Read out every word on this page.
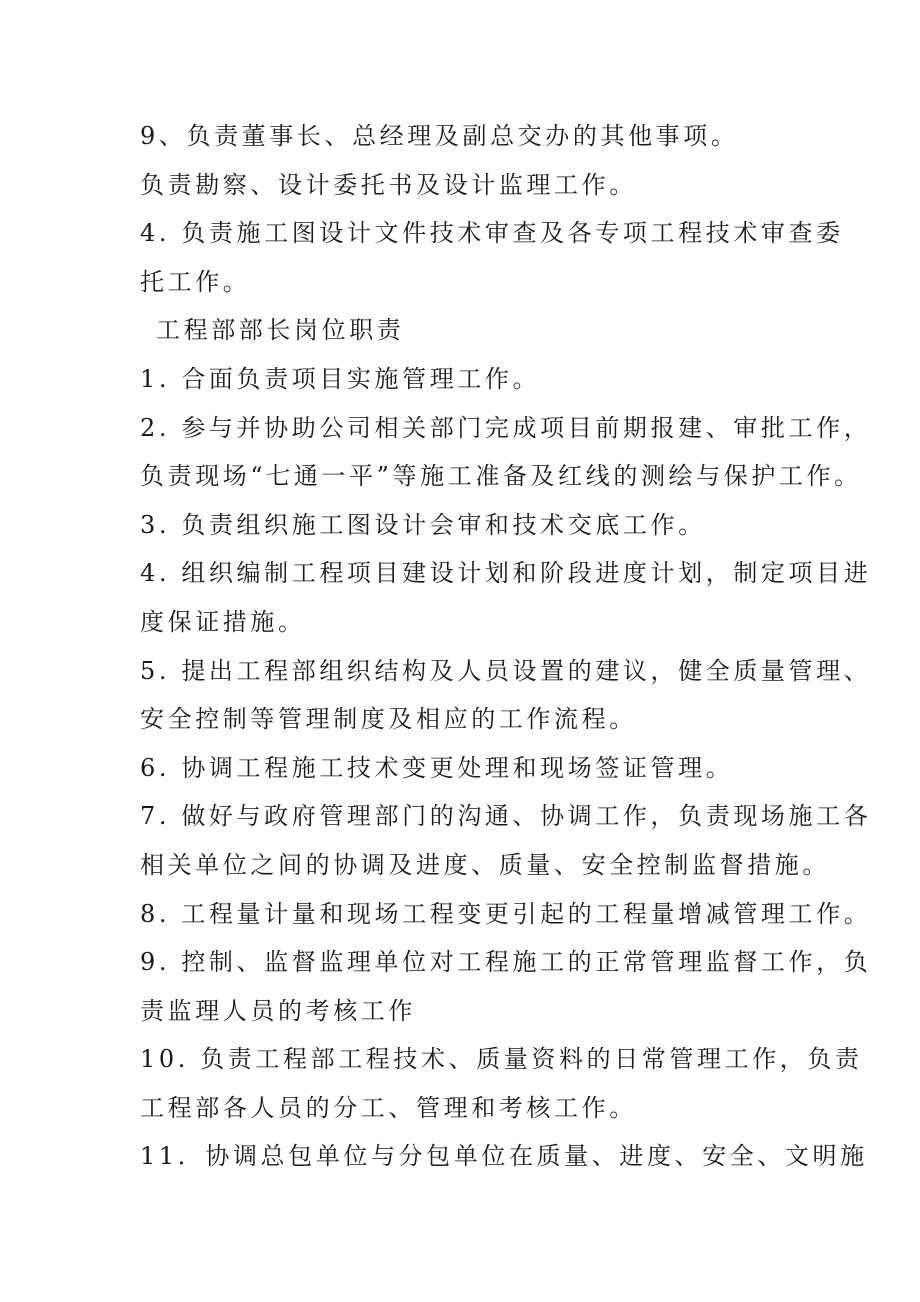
9、负责董事长、总经理及副总交办的其他事项。
负责勘察、设计委托书及设计监理工作。
4. 负责施工图设计文件技术审查及各专项工程技术审查委
托工作。
工程部部长岗位职责
1. 合面负责项目实施管理工作。
2. 参与并协助公司相关部门完成项目前期报建、审批工作，
负责现场“七通一平”等施工准备及红线的测绘与保护工作。
3. 负责组织施工图设计会审和技术交底工作。
4. 组织编制工程项目建设计划和阶段进度计划，制定项目进
度保证措施。
5. 提出工程部组织结构及人员设置的建议，健全质量管理、
安全控制等管理制度及相应的工作流程。
6. 协调工程施工技术变更处理和现场签证管理。
7. 做好与政府管理部门的沟通、协调工作，负责现场施工各
相关单位之间的协调及进度、质量、安全控制监督措施。
8. 工程量计量和现场工程变更引起的工程量增减管理工作。
9. 控制、监督监理单位对工程施工的正常管理监督工作，负
责监理人员的考核工作
10. 负责工程部工程技术、质量资料的日常管理工作，负责
工程部各人员的分工、管理和考核工作。
11．协调总包单位与分包单位在质量、进度、安全、文明施
